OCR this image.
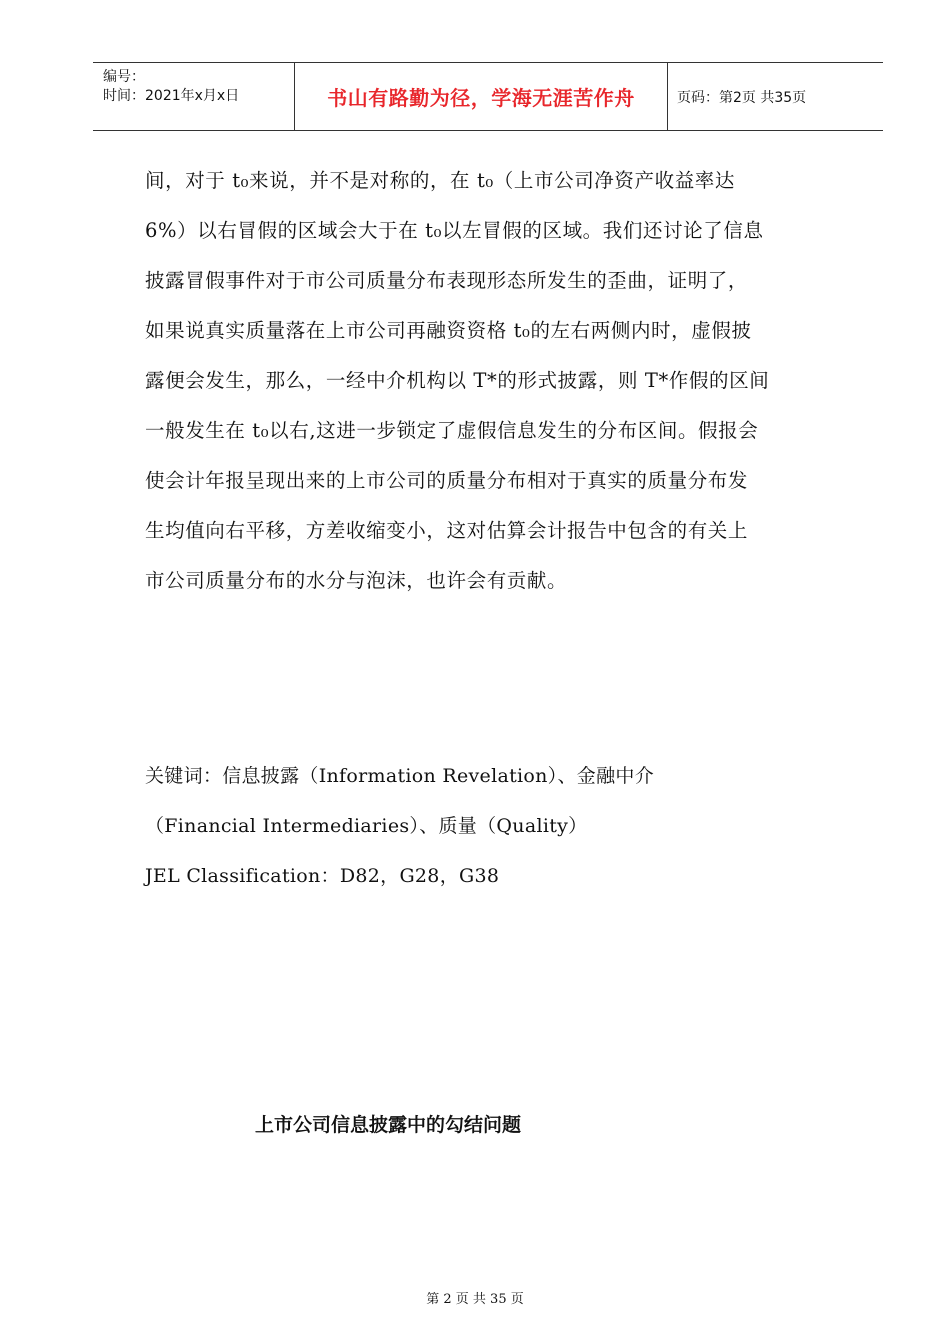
编号：
时间：2021年x月x日	书山有路勤为径，学海无涯苦作舟	页码：第2页 共35页
间，对于 t₀来说，并不是对称的，在 t₀（上市公司净资产收益率达
6%）以右冒假的区域会大于在 t₀以左冒假的区域。我们还讨论了信息
披露冒假事件对于市公司质量分布表现形态所发生的歪曲，证明了，
如果说真实质量落在上市公司再融资资格 t₀的左右两侧内时，虚假披
露便会发生，那么，一经中介机构以 T*的形式披露，则 T*作假的区间
一般发生在 t₀以右,这进一步锁定了虚假信息发生的分布区间。假报会
使会计年报呈现出来的上市公司的质量分布相对于真实的质量分布发
生均值向右平移，方差收缩变小，这对估算会计报告中包含的有关上
市公司质量分布的水分与泡沫，也许会有贡献。
关键词：信息披露（Information Revelation）、金融中介
（Financial Intermediaries）、质量（Quality）
JEL Classification：D82，G28，G38
上市公司信息披露中的勾结问题
第 2 页 共 35 页
